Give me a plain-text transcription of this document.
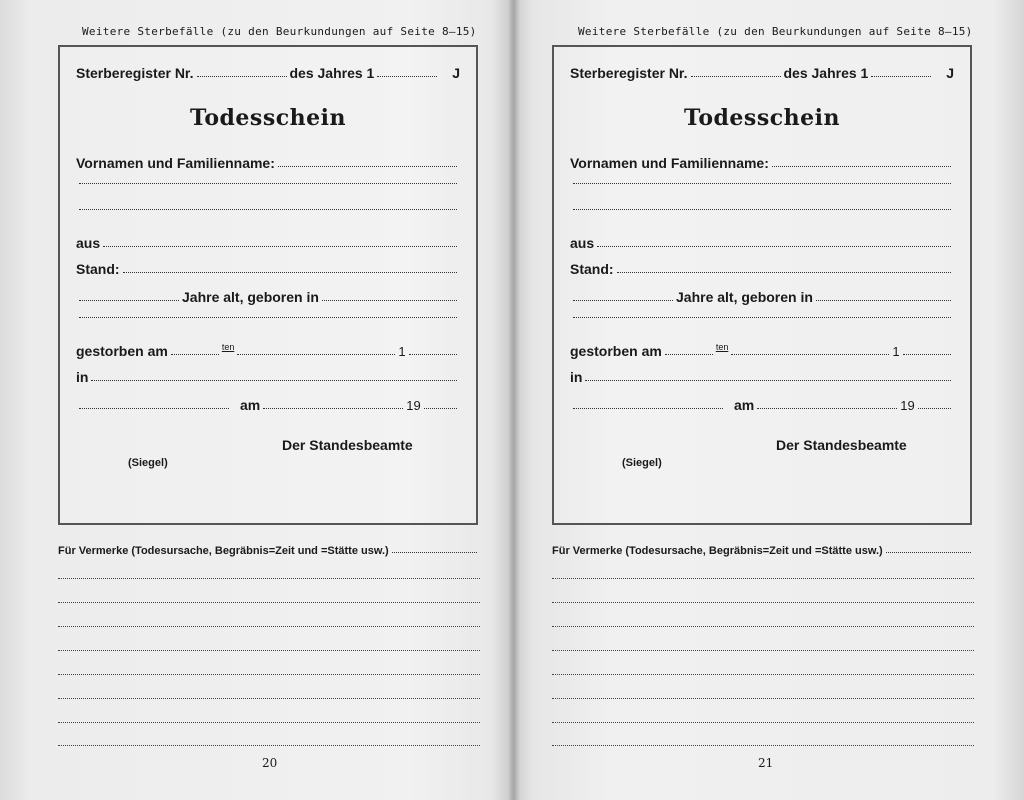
Weitere Sterbefälle (zu den Beurkundungen auf Seite 8–15)
Sterberegister Nr.	des Jahres 1	J
Todesschein
Vornamen und Familienname:
aus
Stand:
Jahre alt, geboren in
gestorben am	ten	1
in
am	19
Der Standesbeamte
(Siegel)
Für Vermerke (Todesursache, Begräbnis=Zeit und =Stätte usw.)
20
Weitere Sterbefälle (zu den Beurkundungen auf Seite 8–15)
Sterberegister Nr.	des Jahres 1	J
Todesschein
Vornamen und Familienname:
aus
Stand:
Jahre alt, geboren in
gestorben am	ten	1
in
am	19
Der Standesbeamte
(Siegel)
Für Vermerke (Todesursache, Begräbnis=Zeit und =Stätte usw.)
21
